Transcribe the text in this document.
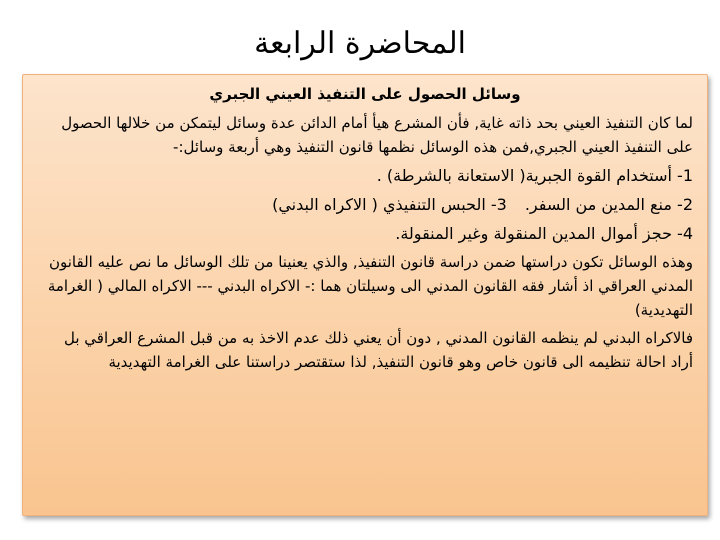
المحاضرة الرابعة

وسائل الحصول على التنفيذ العيني الجبري

لما كان التنفيذ العيني بحد ذاته غاية, فأن المشرع هيأ أمام الدائن عدة وسائل ليتمكن من خلالها الحصول على التنفيذ العيني الجبري,فمن هذه الوسائل نظمها قانون التنفيذ وهي أربعة وسائل:-

1- أستخدام القوة الجبرية( الاستعانة بالشرطة) .

2- منع المدين من السفر.3- الحبس التنفيذي ( الاكراه البدني)

4- حجز أموال المدين المنقولة وغير المنقولة.

وهذه الوسائل تكون دراستها ضمن دراسة قانون التنفيذ, والذي يعنينا من تلك الوسائل ما نص عليه القانون المدني العراقي اذ أشار فقه القانون المدني الى وسيلتان هما :- الاكراه البدني --- الاكراه المالي ( الغرامة التهديدية)

فالاكراه البدني لم ينظمه القانون المدني , دون أن يعني ذلك عدم الاخذ به من قبل المشرع العراقي بل أراد احالة تنظيمه الى قانون خاص وهو قانون التنفيذ, لذا ستقتصر دراستنا على الغرامة التهديدية
